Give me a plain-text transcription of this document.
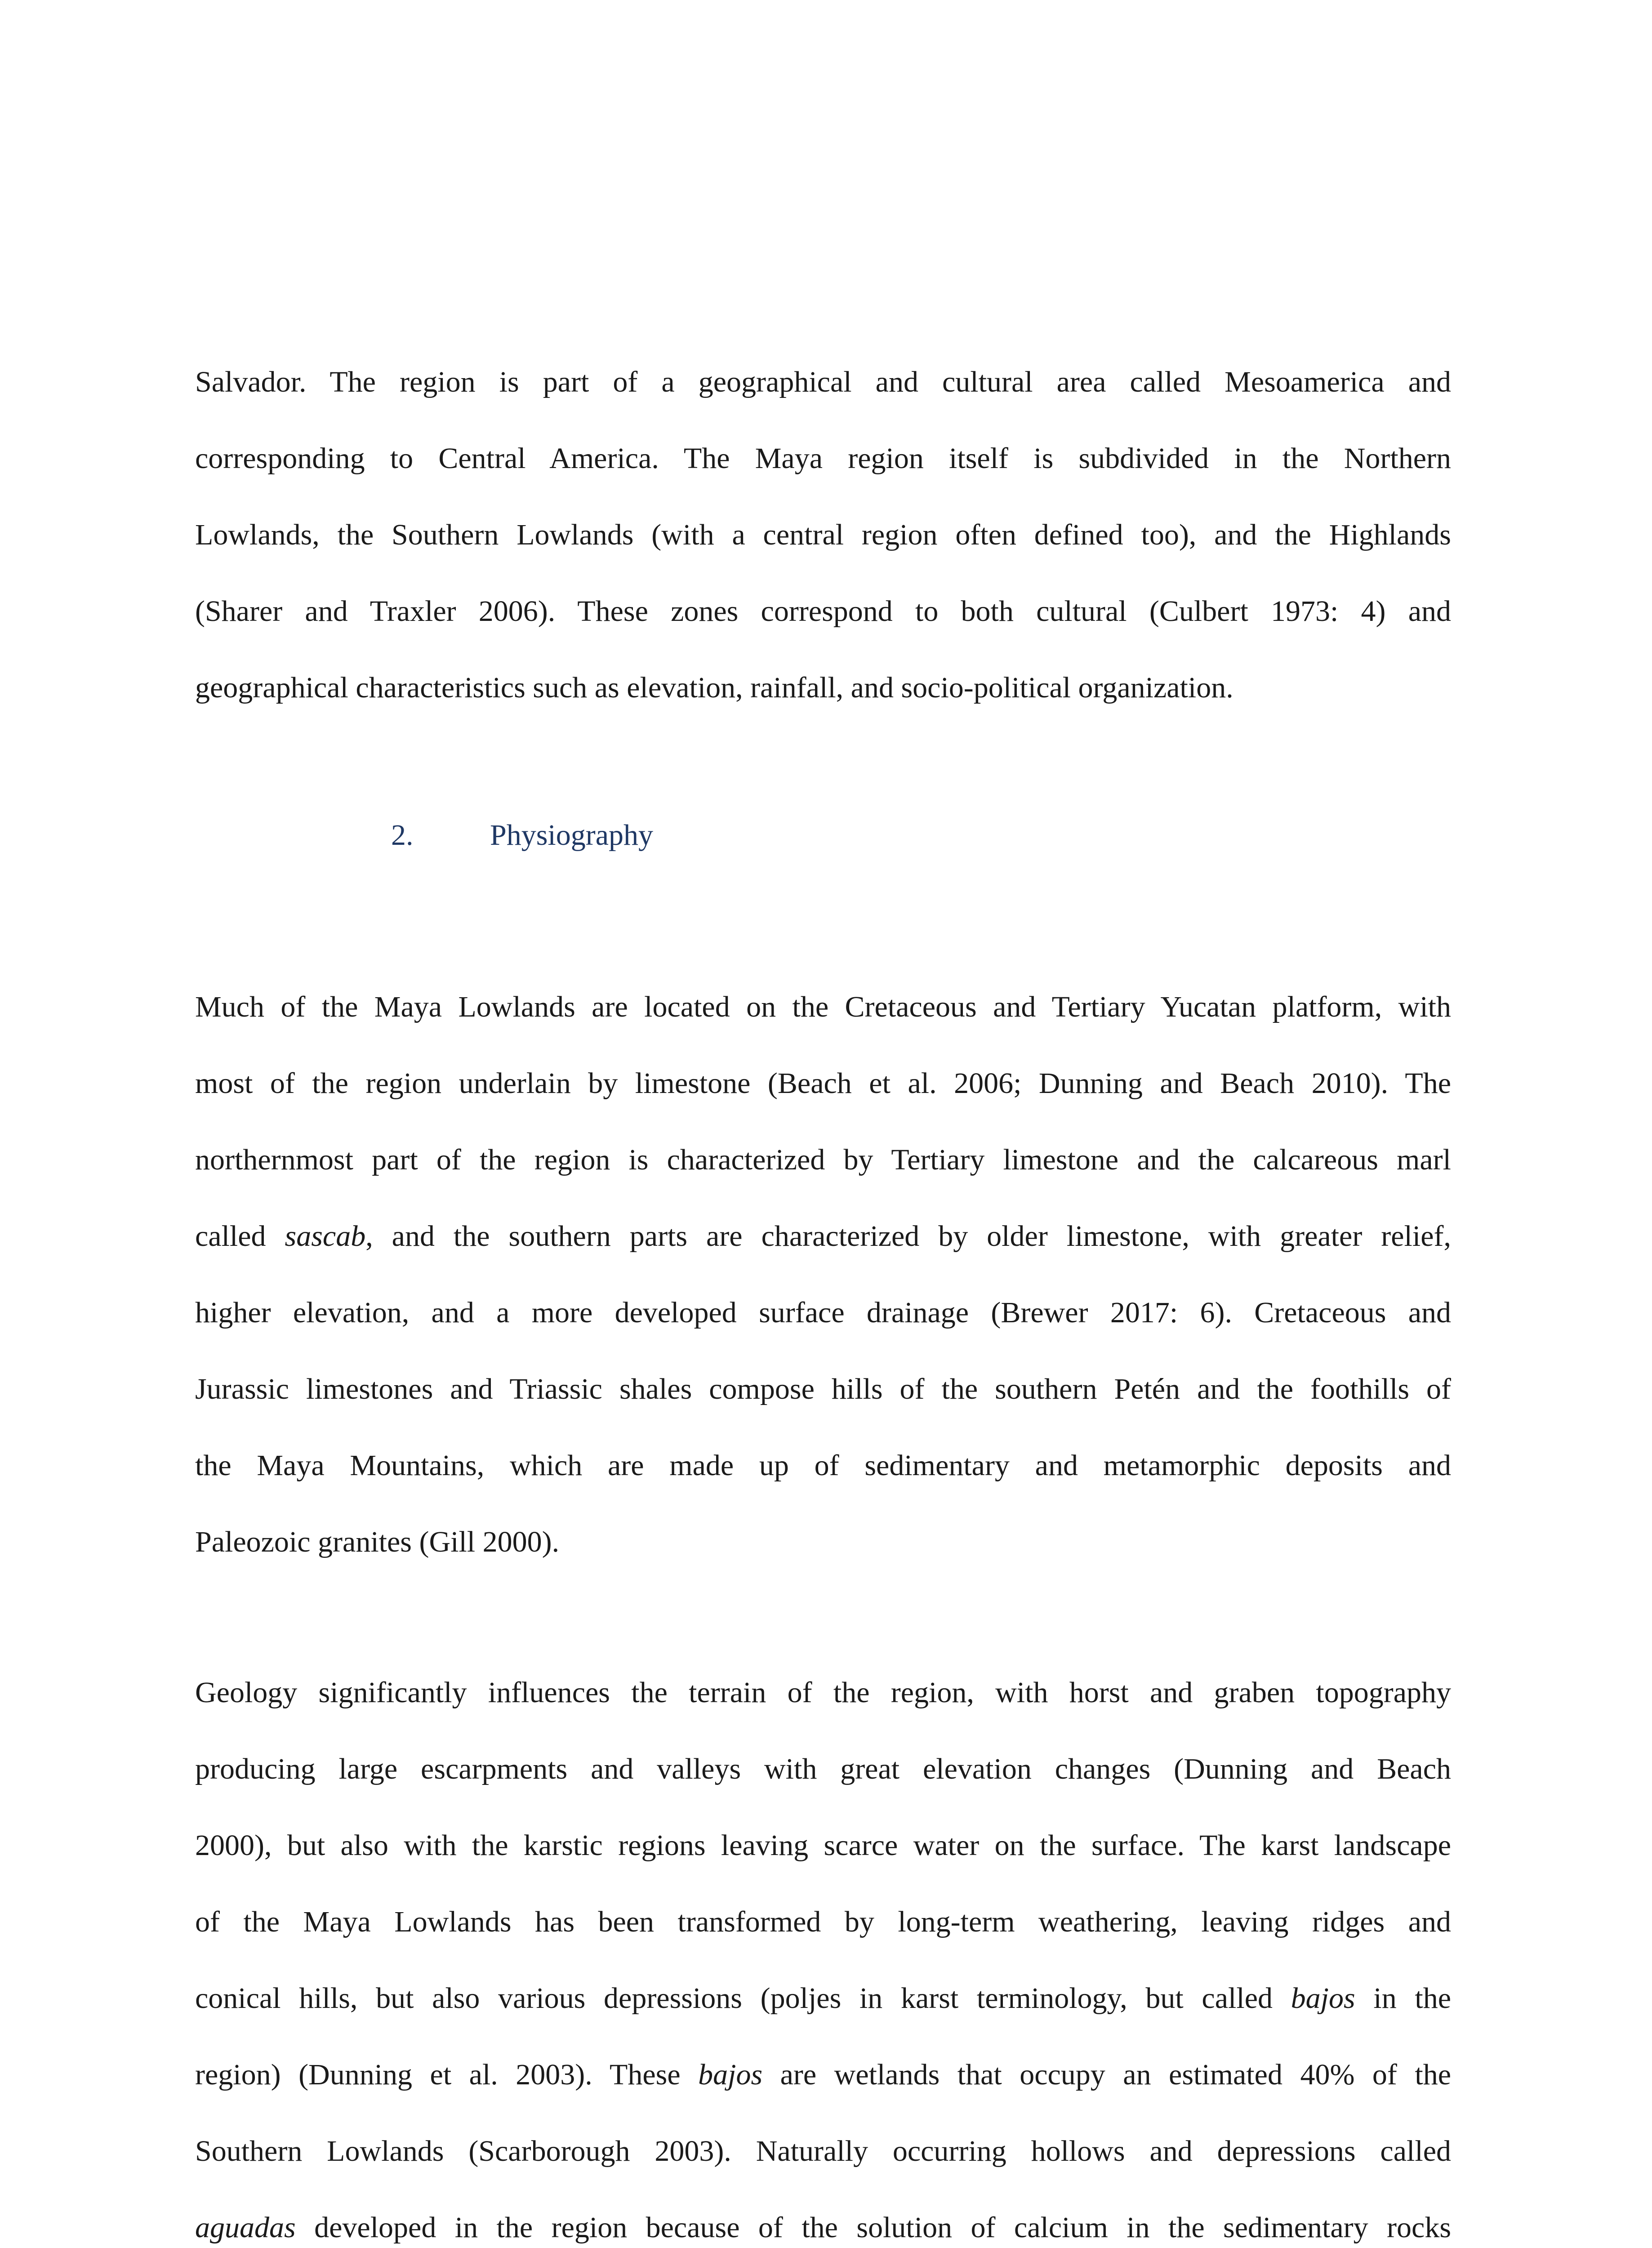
Salvador. The region is part of a geographical and cultural area called Mesoamerica and
corresponding to Central America. The Maya region itself is subdivided in the Northern
Lowlands, the Southern Lowlands (with a central region often defined too), and the Highlands
(Sharer and Traxler 2006). These zones correspond to both cultural (Culbert 1973: 4) and
geographical characteristics such as elevation, rainfall, and socio-political organization.
2.	Physiography
Much of the Maya Lowlands are located on the Cretaceous and Tertiary Yucatan platform, with
most of the region underlain by limestone (Beach et al. 2006; Dunning and Beach 2010). The
northernmost part of the region is characterized by Tertiary limestone and the calcareous marl
called sascab, and the southern parts are characterized by older limestone, with greater relief,
higher elevation, and a more developed surface drainage (Brewer 2017: 6). Cretaceous and
Jurassic limestones and Triassic shales compose hills of the southern Petén and the foothills of
the Maya Mountains, which are made up of sedimentary and metamorphic deposits and
Paleozoic granites (Gill 2000).
Geology significantly influences the terrain of the region, with horst and graben topography
producing large escarpments and valleys with great elevation changes (Dunning and Beach
2000), but also with the karstic regions leaving scarce water on the surface. The karst landscape
of the Maya Lowlands has been transformed by long-term weathering, leaving ridges and
conical hills, but also various depressions (poljes in karst terminology, but called bajos in the
region) (Dunning et al. 2003). These bajos are wetlands that occupy an estimated 40% of the
Southern Lowlands (Scarborough 2003). Naturally occurring hollows and depressions called
aguadas developed in the region because of the solution of calcium in the sedimentary rocks
